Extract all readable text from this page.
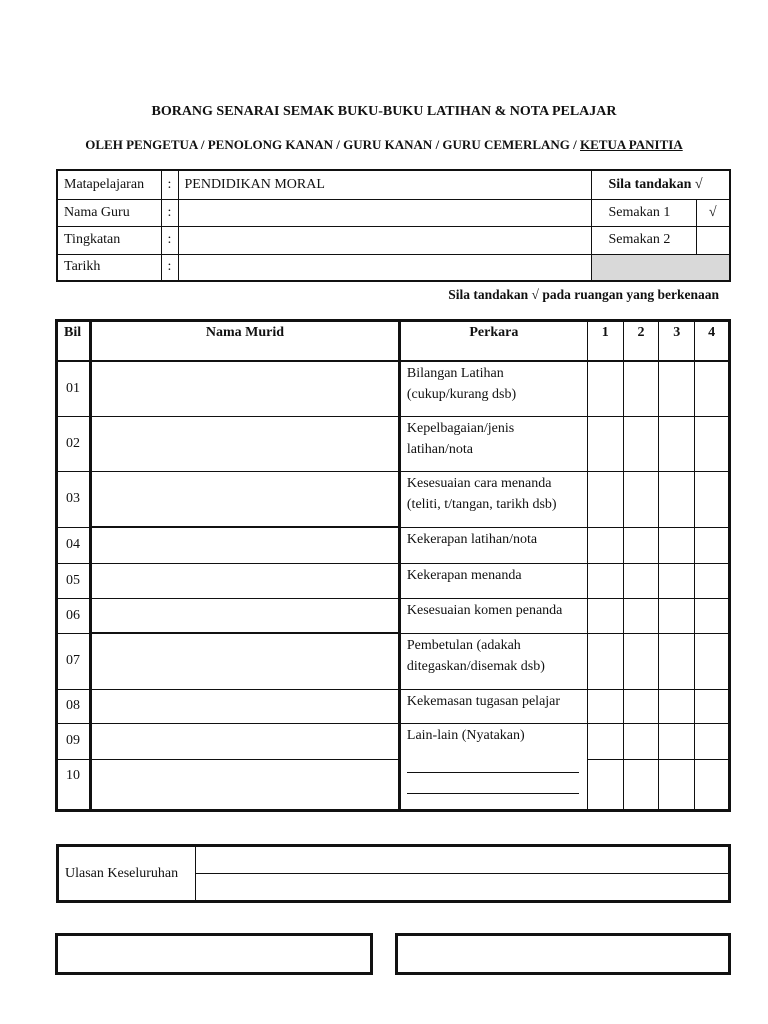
BORANG SENARAI SEMAK BUKU-BUKU LATIHAN & NOTA PELAJAR
OLEH PENGETUA / PENOLONG KANAN / GURU KANAN / GURU CEMERLANG / KETUA PANITIA
Matapelajaran	:	PENDIDIKAN MORAL	Sila tandakan √	
Nama Guru	:		Semakan 1	√
Tingkatan	:		Semakan 2	
Tarikh	:			
Sila tandakan √ pada ruangan yang berkenaan
Bil	Nama Murid	Perkara	1	2	3	4
01		Bilangan Latihan
(cukup/kurang dsb)				
02		Kepelbagaian/jenis
latihan/nota				
03		Kesesuaian cara menanda
(teliti, t/tangan, tarikh dsb)				
04		Kekerapan latihan/nota				
05		Kekerapan menanda				
06		Kesesuaian komen penanda				
07		Pembetulan (adakah
ditegaskan/disemak dsb)				
08		Kekemasan tugasan pelajar				
09		Lain-lain (Nyatakan)

10						
Ulasan Keseluruhan	
